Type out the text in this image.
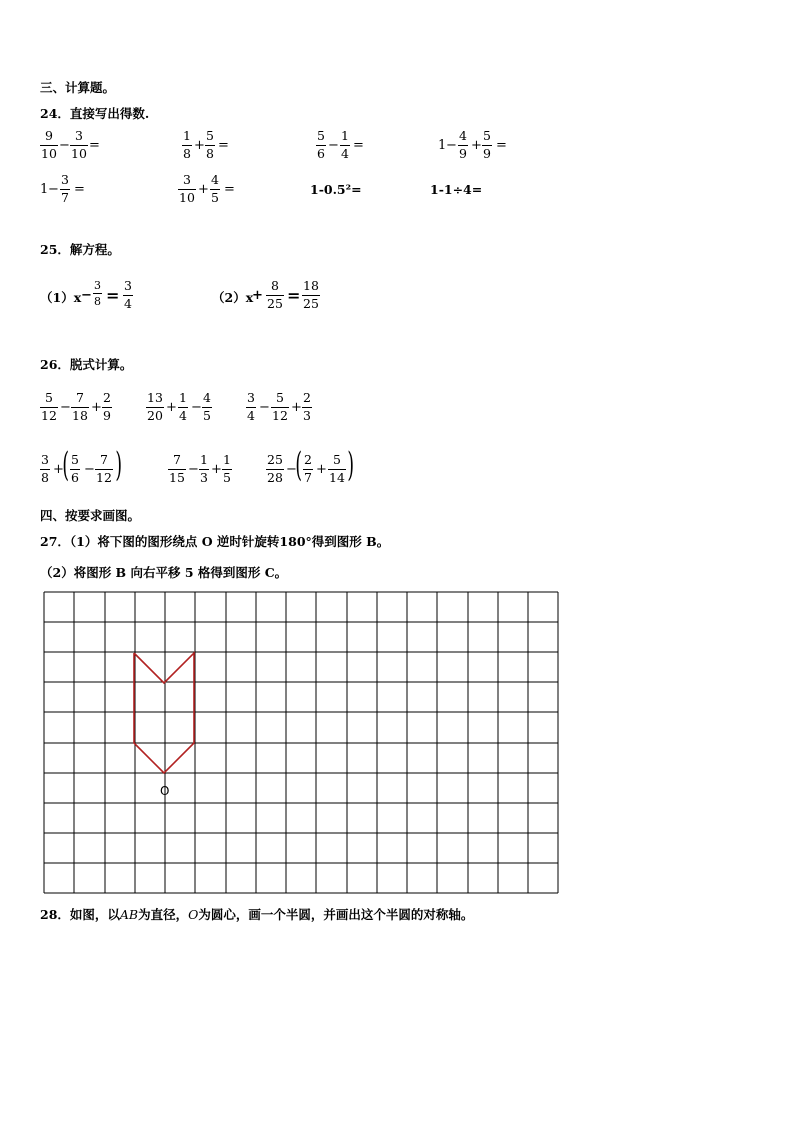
三、计算题。
24．直接写出得数.
9
10 −
3
10 =
1
8 +
5
8 =
5
6 −
1
4 =	1 −
4
9 +
5
9 =
1 −
3
7 =
3
10 +
4
5 =	1-0.5²=	1-1÷4=
25．解方程。
（1）x −
3
8 =
3
4	（2）x
+
8
25 =
18
25
26．脱式计算。
5
12 −
7
18 +
2
9
13
20 +
1
4 −
4
5
3
4 −
5
12 +
2
3
3
8 +
( 5
6 −
7
12 )	7
15 −
1
3 +
1
5
25
28 −
( 2
7 +
5
14 )
四、按要求画图。
27．（1）将下图的图形绕点 O 逆时针旋转180°得到图形 B。
（2）将图形 B 向右平移 5 格得到图形 C。
O
28．如图，以AB为直径，O为圆心，画一个半圆，并画出这个半圆的对称轴。
